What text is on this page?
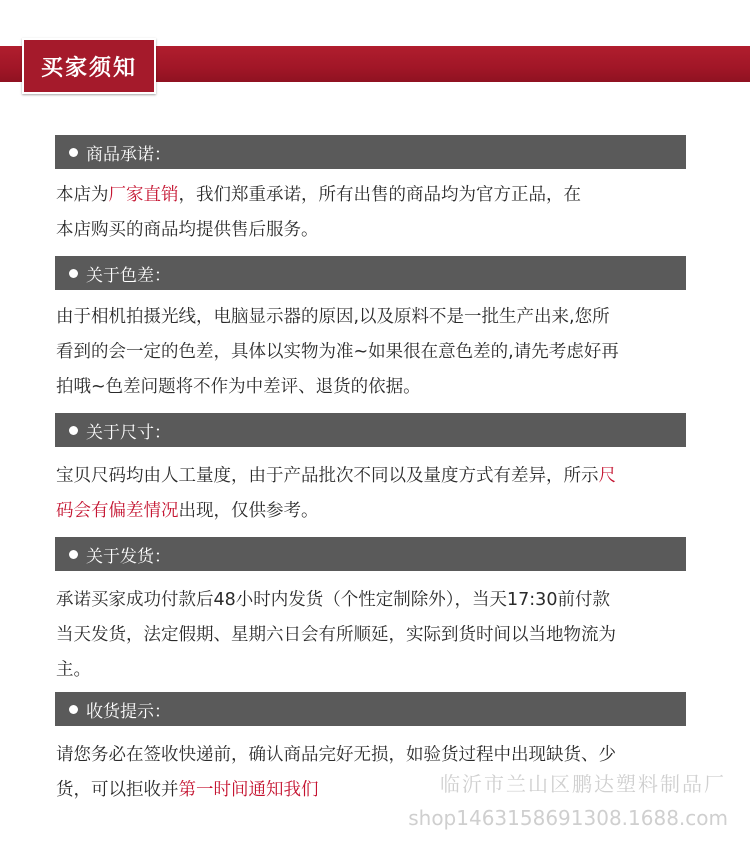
买家须知
商品承诺：
本店为厂家直销，我们郑重承诺，所有出售的商品均为官方正品，在
本店购买的商品均提供售后服务。
关于色差：
由于相机拍摄光线，电脑显示器的原因,以及原料不是一批生产出来,您所
看到的会一定的色差，具体以实物为准~如果很在意色差的,请先考虑好再
拍哦~色差问题将不作为中差评、退货的依据。
关于尺寸：
宝贝尺码均由人工量度，由于产品批次不同以及量度方式有差异，所示尺
码会有偏差情况出现，仅供参考。
关于发货：
承诺买家成功付款后48小时内发货（个性定制除外），当天17:30前付款
当天发货，法定假期、星期六日会有所顺延，实际到货时间以当地物流为
主。
收货提示：
请您务必在签收快递前，确认商品完好无损，如验货过程中出现缺货、少
货，可以拒收并第一时间通知我们	临沂市兰山区鹏达塑料制品厂
shop1463158691308.1688.com
